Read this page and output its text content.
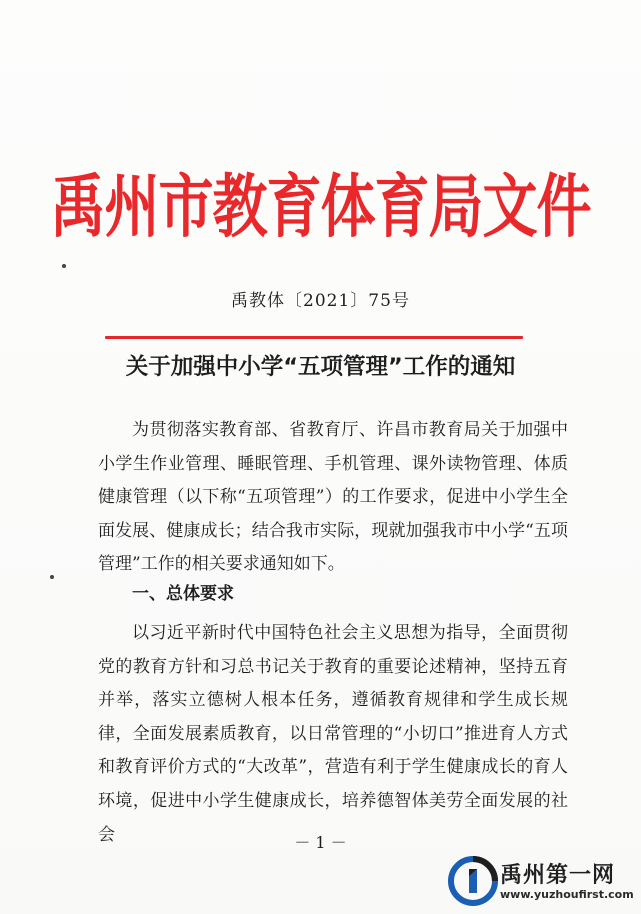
禹州市教育体育局文件
禹教体〔2021〕75号
关于加强中小学“五项管理”工作的通知

为贯彻落实教育部、省教育厅、许昌市教育局关于加强中小学生作业管理、睡眠管理、手机管理、课外读物管理、体质健康管理（以下称“五项管理”）的工作要求，促进中小学生全面发展、健康成长；结合我市实际，现就加强我市中小学“五项管理”工作的相关要求通知如下。

一、总体要求

以习近平新时代中国特色社会主义思想为指导，全面贯彻党的教育方针和习总书记关于教育的重要论述精神，坚持五育并举，落实立德树人根本任务，遵循教育规律和学生成长规律，全面发展素质教育，以日常管理的“小切口”推进育人方式和教育评价方式的“大改革”，营造有利于学生健康成长的育人环境，促进中小学生健康成长，培养德智体美劳全面发展的社会	－ 1 －
禹州第一网
www.yuzhoufirst.com
